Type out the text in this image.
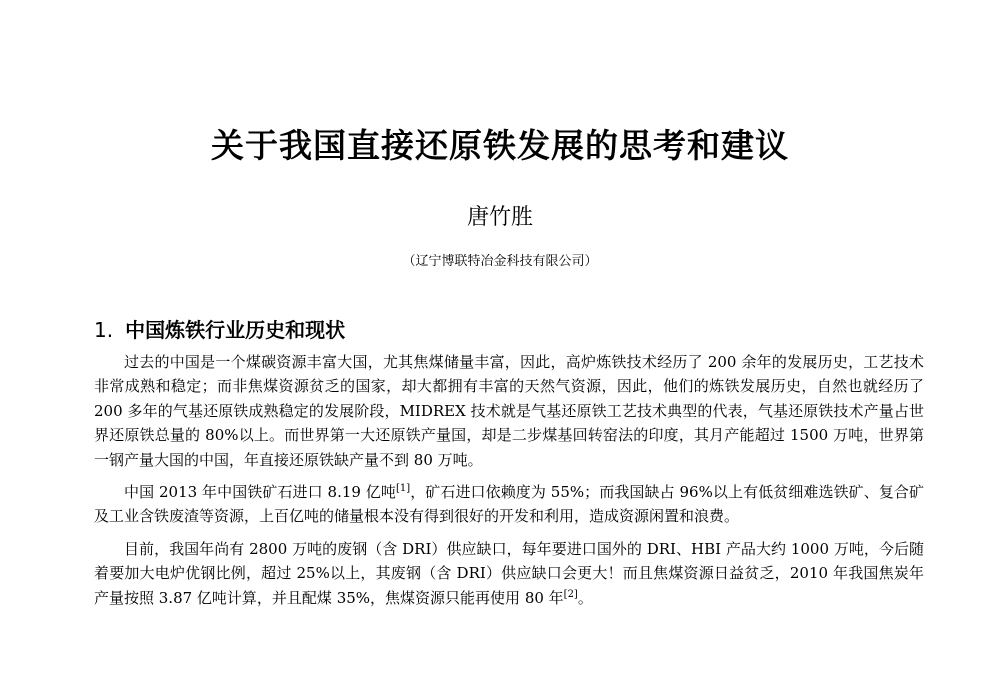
关于我国直接还原铁发展的思考和建议
唐竹胜
（辽宁博联特冶金科技有限公司）
1. 中国炼铁行业历史和现状

过去的中国是一个煤碳资源丰富大国，尤其焦煤储量丰富，因此，高炉炼铁技术经历了 200 余年的发展历史，工艺技术非常成熟和稳定；而非焦煤资源贫乏的国家，却大都拥有丰富的天然气资源，因此，他们的炼铁发展历史，自然也就经历了 200 多年的气基还原铁成熟稳定的发展阶段，MIDREX 技术就是气基还原铁工艺技术典型的代表，气基还原铁技术产量占世界还原铁总量的 80%以上。而世界第一大还原铁产量国，却是二步煤基回转窑法的印度，其月产能超过 1500 万吨，世界第一钢产量大国的中国，年直接还原铁缺产量不到 80 万吨。

中国 2013 年中国铁矿石进口 8.19 亿吨[1]，矿石进口依赖度为 55%；而我国缺占 96%以上有低贫细难选铁矿、复合矿及工业含铁废渣等资源，上百亿吨的储量根本没有得到很好的开发和利用，造成资源闲置和浪费。

目前，我国年尚有 2800 万吨的废钢（含 DRI）供应缺口，每年要进口国外的 DRI、HBI 产品大约 1000 万吨，今后随着要加大电炉优钢比例，超过 25%以上，其废钢（含 DRI）供应缺口会更大！而且焦煤资源日益贫乏，2010 年我国焦炭年产量按照 3.87 亿吨计算，并且配煤 35%，焦煤资源只能再使用 80 年[2]。
